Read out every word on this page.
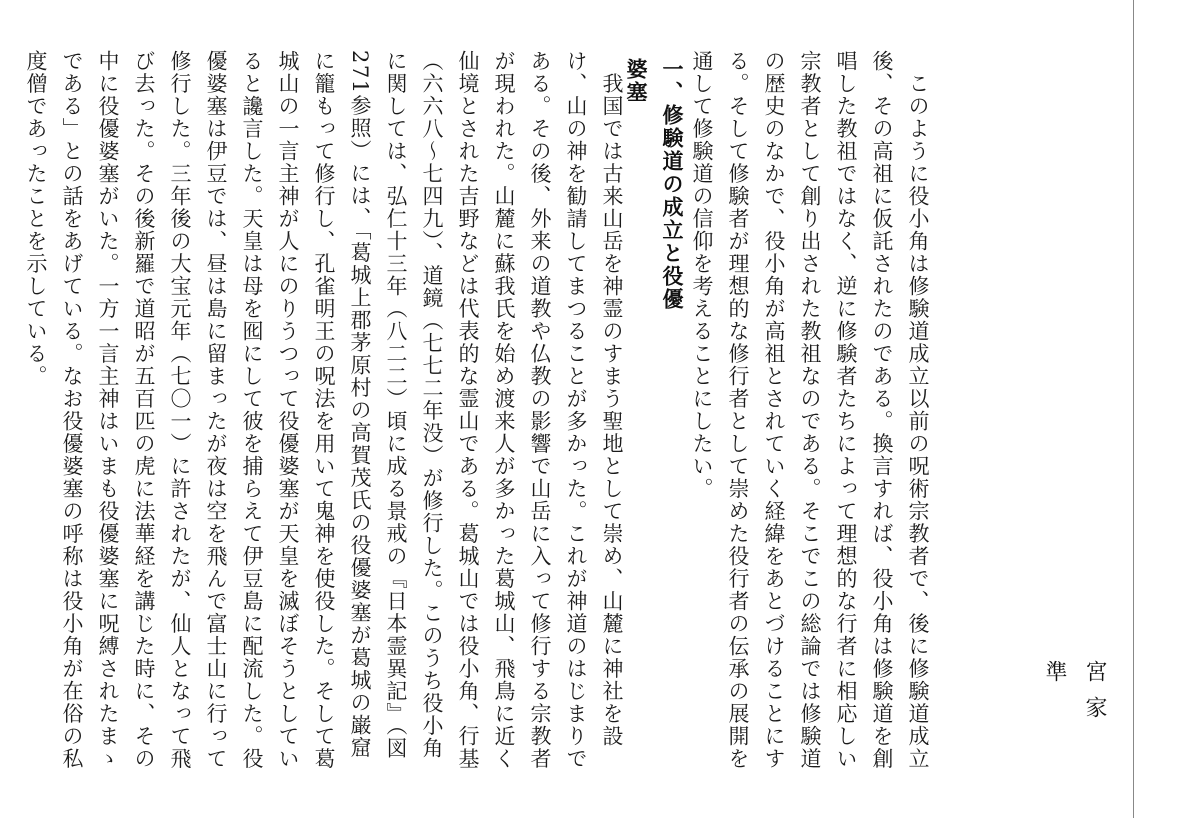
宮家　準

　このように役小角は修験道成立以前の呪術宗教者で、後に修験道成立後、その高祖に仮託されたのである。換言すれば、役小角は修験道を創唱した教祖ではなく、逆に修験者たちによって理想的な行者に相応しい宗教者として創り出された教祖なのである。そこでこの総論では修験道の歴史のなかで、役小角が高祖とされていく経緯をあとづけることにする。そして修験者が理想的な修行者として崇めた役行者の伝承の展開を通して修験道の信仰を考えることにしたい。

一、修験道の成立と役優婆塞

　我国では古来山岳を神霊のすまう聖地として崇め、山麓に神社を設け、山の神を勧請してまつることが多かった。これが神道のはじまりである。その後、外来の道教や仏教の影響で山岳に入って修行する宗教者が現われた。山麓に蘇我氏を始め渡来人が多かった葛城山、飛鳥に近く仙境とされた吉野などは代表的な霊山である。葛城山では役小角、行基（六六八〜七四九）、道鏡（七七二年没）が修行した。このうち役小角に関しては、弘仁十三年（八二二）頃に成る景戒の『日本霊異記』（図271参照）には、「葛城上郡茅原村の高賀茂氏の役優婆塞が葛城の巌窟に籠もって修行し、孔雀明王の呪法を用いて鬼神を使役した。そして葛城山の一言主神が人にのりうつって役優婆塞が天皇を滅ぼそうとしていると讒言した。天皇は母を囮にして彼を捕らえて伊豆島に配流した。役優婆塞は伊豆では、昼は島に留まったが夜は空を飛んで富士山に行って修行した。三年後の大宝元年（七〇一）に許されたが、仙人となって飛び去った。その後新羅で道昭が五百匹の虎に法華経を講じた時に、その中に役優婆塞がいた。一方一言主神はいまも役優婆塞に呪縛されたまゝである」との話をあげている。なお役優婆塞の呼称は役小角が在俗の私度僧であったことを示している。
